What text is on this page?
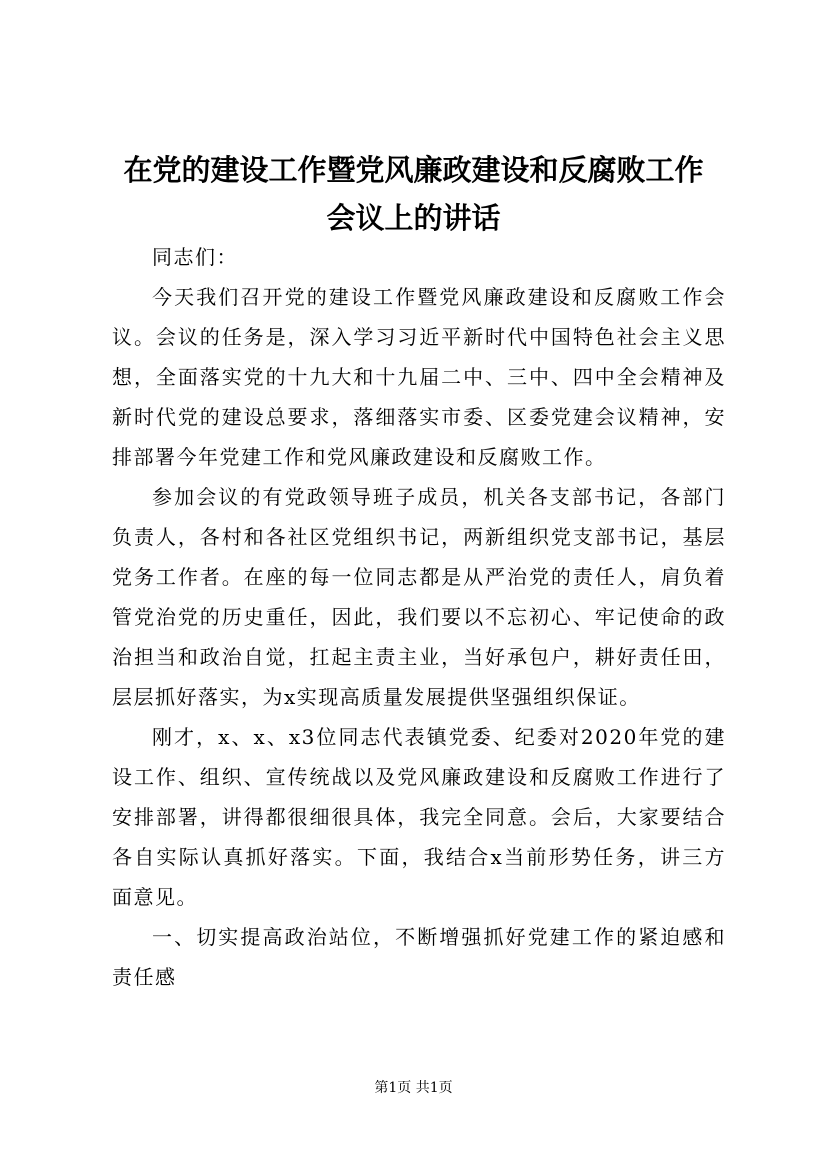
在党的建设工作暨党风廉政建设和反腐败工作
会议上的讲话

同志们：

今天我们召开党的建设工作暨党风廉政建设和反腐败工作会议。会议的任务是，深入学习习近平新时代中国特色社会主义思想，全面落实党的十九大和十九届二中、三中、四中全会精神及新时代党的建设总要求，落细落实市委、区委党建会议精神，安排部署今年党建工作和党风廉政建设和反腐败工作。

参加会议的有党政领导班子成员，机关各支部书记，各部门负责人，各村和各社区党组织书记，两新组织党支部书记，基层党务工作者。在座的每一位同志都是从严治党的责任人，肩负着管党治党的历史重任，因此，我们要以不忘初心、牢记使命的政治担当和政治自觉，扛起主责主业，当好承包户，耕好责任田，层层抓好落实，为x实现高质量发展提供坚强组织保证。

刚才，x、x、x3位同志代表镇党委、纪委对2020年党的建设工作、组织、宣传统战以及党风廉政建设和反腐败工作进行了安排部署，讲得都很细很具体，我完全同意。会后，大家要结合各自实际认真抓好落实。下面，我结合x当前形势任务，讲三方面意见。

一、切实提高政治站位，不断增强抓好党建工作的紧迫感和责任感

第1页 共1页
